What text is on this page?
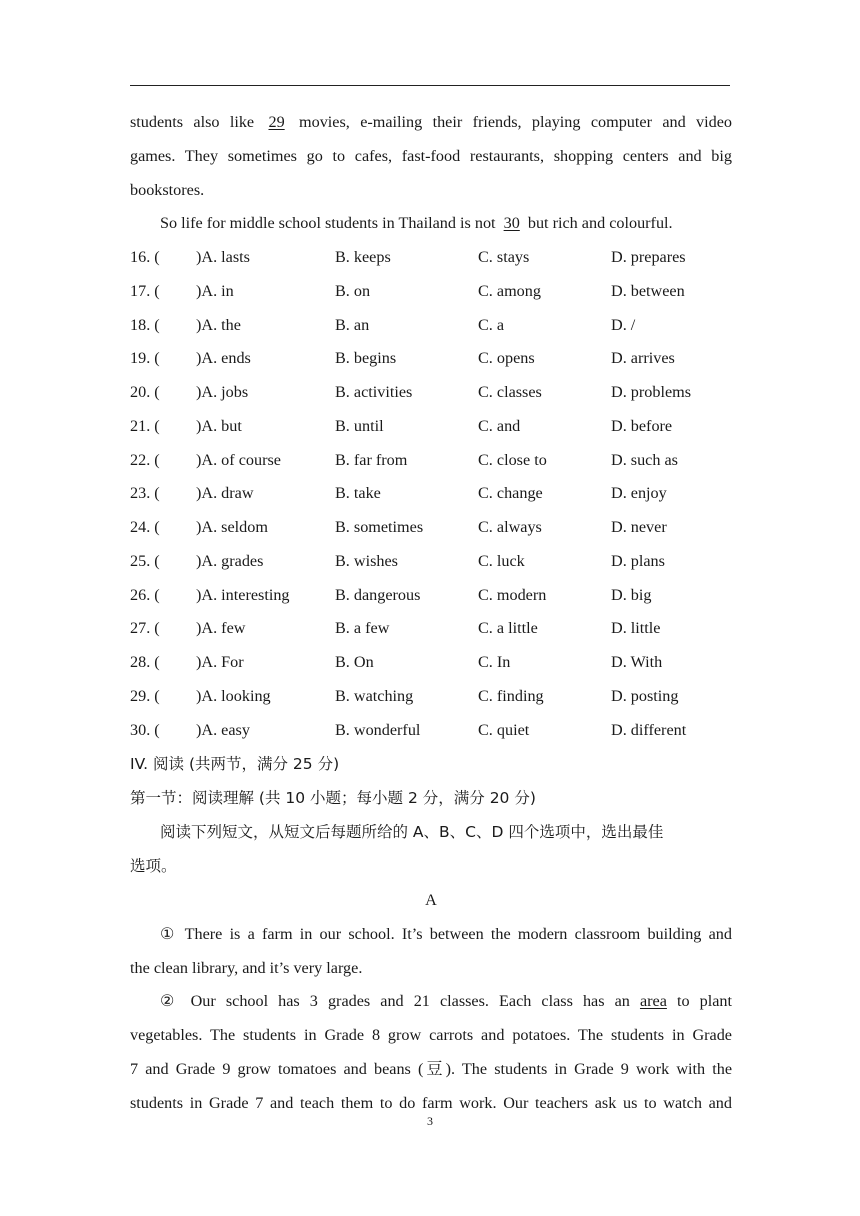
students also like 29 movies, e-mailing their friends, playing computer and video
games. They sometimes go to cafes, fast-food restaurants, shopping centers and big
bookstores.
So life for middle school students in Thailand is not 30 but rich and colourful.
16. ( )A. lasts	B. keeps	C. stays	D. prepares
17. ( )A. in	B. on	C. among	D. between
18. ( )A. the	B. an	C. a	D. /
19. ( )A. ends	B. begins	C. opens	D. arrives
20. ( )A. jobs	B. activities	C. classes	D. problems
21. ( )A. but	B. until	C. and	D. before
22. ( )A. of course	B. far from	C. close to	D. such as
23. ( )A. draw	B. take	C. change	D. enjoy
24. ( )A. seldom	B. sometimes	C. always	D. never
25. ( )A. grades	B. wishes	C. luck	D. plans
26. ( )A. interesting	B. dangerous	C. modern	D. big
27. ( )A. few	B. a few	C. a little	D. little
28. ( )A. For	B. On	C. In	D. With
29. ( )A. looking	B. watching	C. finding	D. posting
30. ( )A. easy	B. wonderful	C. quiet	D. different
IV. 阅读 (共两节，满分 25 分)
第一节：阅读理解 (共 10 小题；每小题 2 分，满分 20 分)
阅读下列短文，从短文后每题所给的 A、B、C、D 四个选项中，选出最佳
选项。
A
① There is a farm in our school. It’s between the modern classroom building and
the clean library, and it’s very large.
② Our school has 3 grades and 21 classes. Each class has an area to plant
vegetables. The students in Grade 8 grow carrots and potatoes. The students in Grade
7 and Grade 9 grow tomatoes and beans (豆). The students in Grade 9 work with the
students in Grade 7 and teach them to do farm work. Our teachers ask us to watch and
3
